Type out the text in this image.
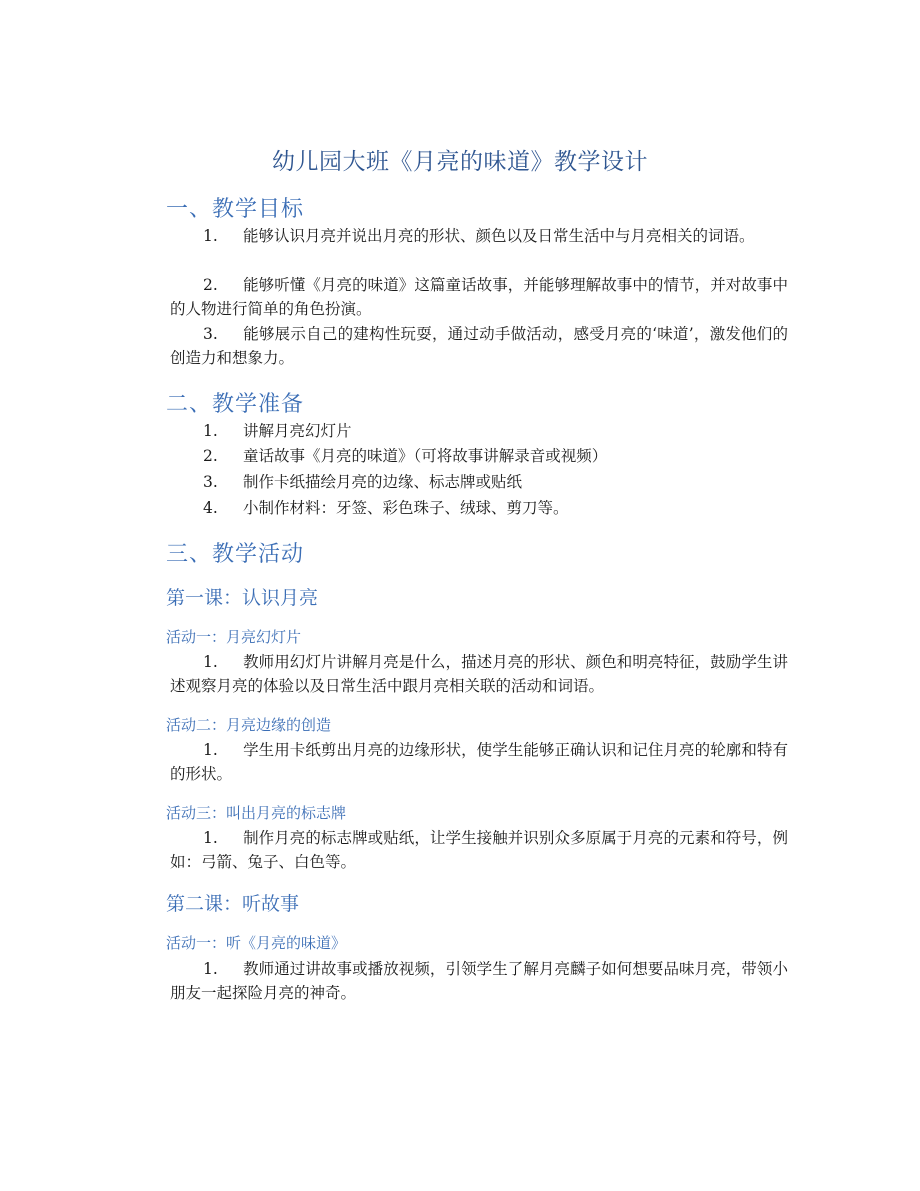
幼儿园大班《月亮的味道》教学设计
一、教学目标
1. 能够认识月亮并说出月亮的形状、颜色以及日常生活中与月亮相关的词语。
2. 能够听懂《月亮的味道》这篇童话故事，并能够理解故事中的情节，并对故事中的人物进行简单的角色扮演。
3. 能够展示自己的建构性玩耍，通过动手做活动，感受月亮的‘味道’，激发他们的创造力和想象力。
二、教学准备
1. 讲解月亮幻灯片
2. 童话故事《月亮的味道》（可将故事讲解录音或视频）
3. 制作卡纸描绘月亮的边缘、标志牌或贴纸
4. 小制作材料：牙签、彩色珠子、绒球、剪刀等。
三、教学活动
第一课：认识月亮
活动一：月亮幻灯片
1. 教师用幻灯片讲解月亮是什么，描述月亮的形状、颜色和明亮特征，鼓励学生讲述观察月亮的体验以及日常生活中跟月亮相关联的活动和词语。
活动二：月亮边缘的创造
1. 学生用卡纸剪出月亮的边缘形状，使学生能够正确认识和记住月亮的轮廓和特有的形状。
活动三：叫出月亮的标志牌
1. 制作月亮的标志牌或贴纸，让学生接触并识别众多原属于月亮的元素和符号，例如：弓箭、兔子、白色等。
第二课：听故事
活动一：听《月亮的味道》
1. 教师通过讲故事或播放视频，引领学生了解月亮麟子如何想要品味月亮，带领小朋友一起探险月亮的神奇。
